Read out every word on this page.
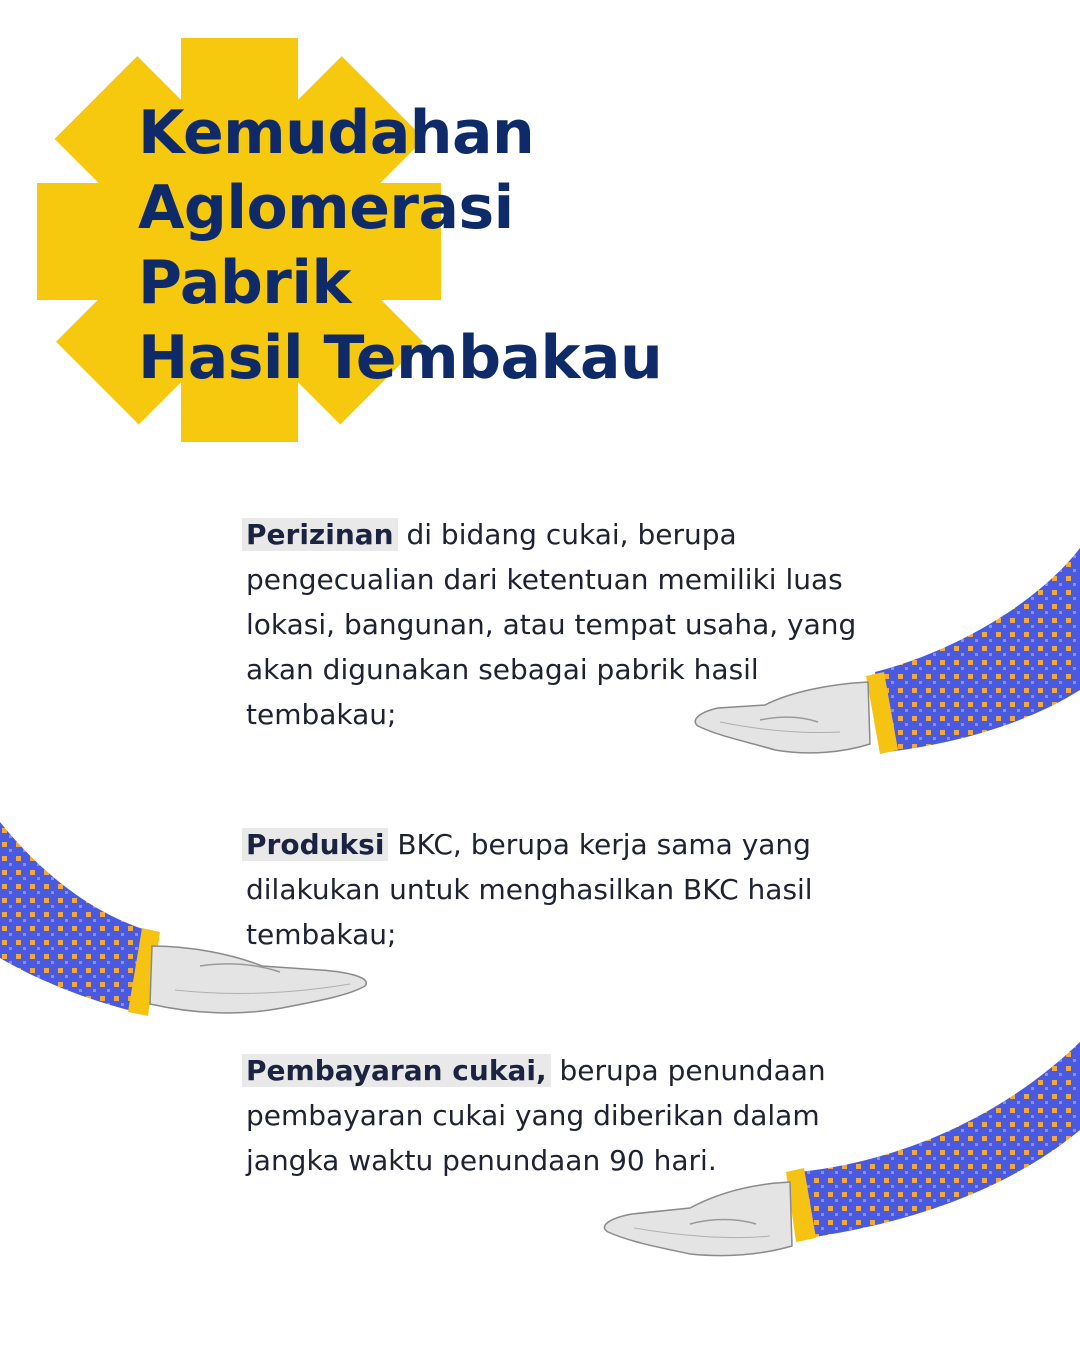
Kemudahan
Aglomerasi
Pabrik
Hasil Tembakau

Perizinan di bidang cukai, berupa pengecualian dari ketentuan memiliki luas lokasi, bangunan, atau tempat usaha, yang akan digunakan sebagai pabrik hasil tembakau;

Produksi BKC, berupa kerja sama yang dilakukan untuk menghasilkan BKC hasil tembakau;

Pembayaran cukai, berupa penundaan pembayaran cukai yang diberikan dalam jangka waktu penundaan 90 hari.
